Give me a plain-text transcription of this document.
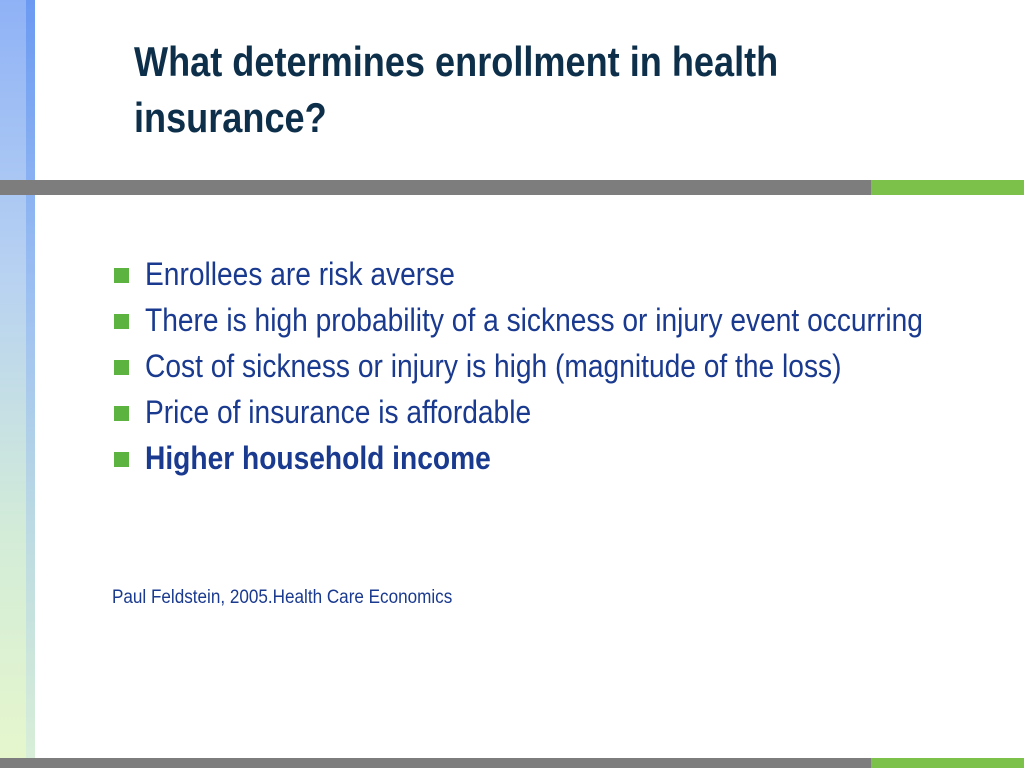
What determines enrollment in health insurance?
Enrollees are risk averse
There is high probability of a sickness or injury event occurring
Cost of sickness or injury is high (magnitude of the loss)
Price of insurance is affordable
Higher household income

Paul Feldstein, 2005.Health Care Economics
